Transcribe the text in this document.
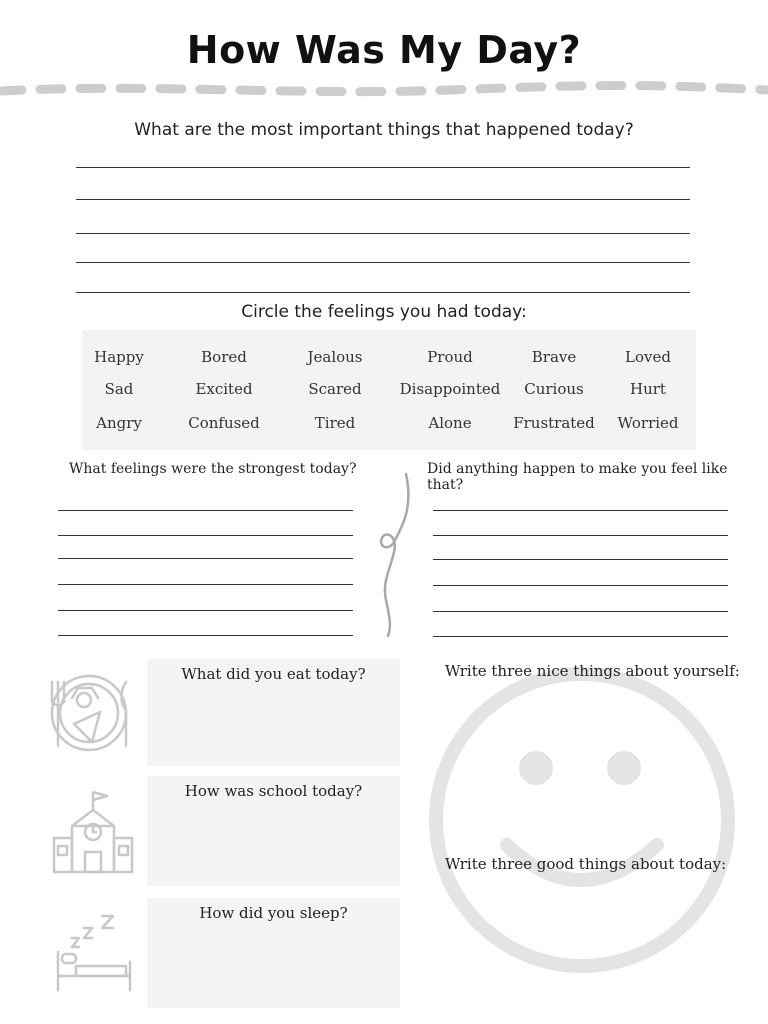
How Was My Day?
What are the most important things that happened today?
Circle the feelings you had today:
Happy	Bored	Jealous	Proud	Brave	Loved
Sad	Excited	Scared	Disappointed	Curious	Hurt
Angry	Confused	Tired	Alone	Frustrated	Worried
What feelings were the strongest today?	Did anything happen to make you feel like that?
What did you eat today?
How was school today?
How did you sleep?
Write three nice things about yourself:
Write three good things about today:
